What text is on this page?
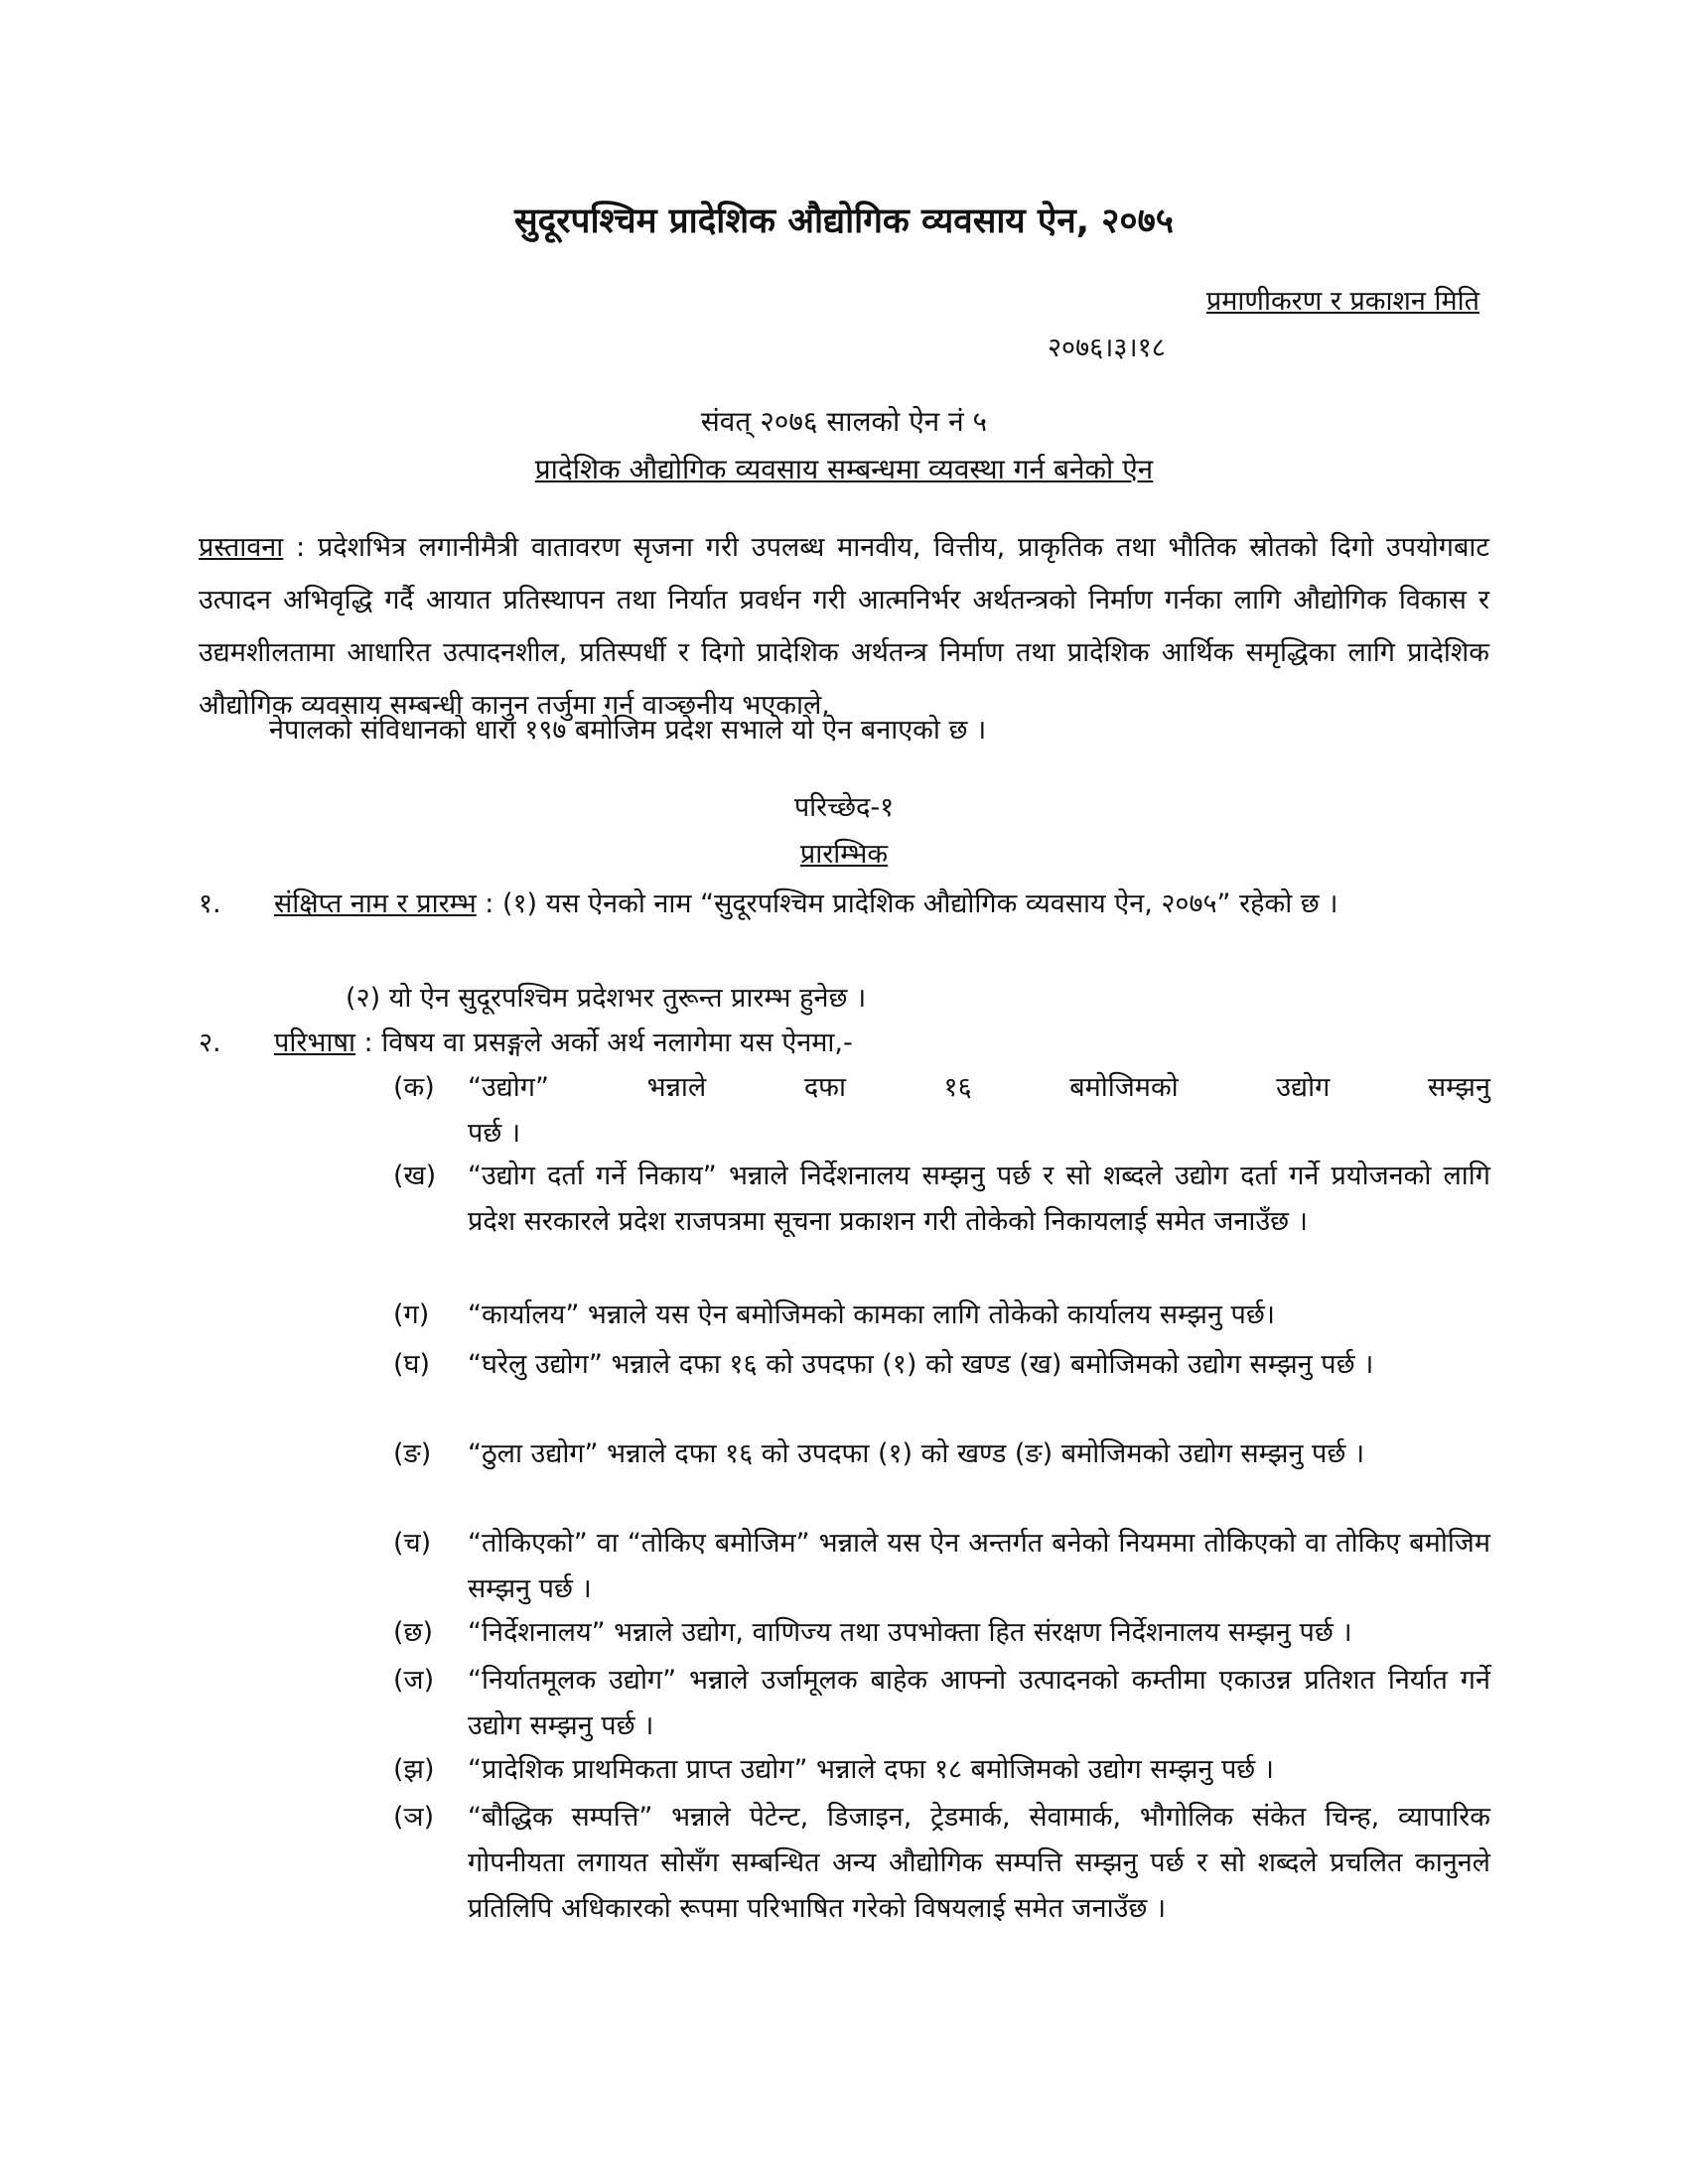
सुदूरपश्चिम प्रादेशिक औद्योगिक व्यवसाय ऐन, २०७५
प्रमाणीकरण र प्रकाशन मिति
२०७६।३।१८
संवत् २०७६ सालको ऐन नं ५
प्रादेशिक औद्योगिक व्यवसाय सम्बन्धमा व्यवस्था गर्न बनेको ऐन
प्रस्तावना : प्रदेशभित्र लगानीमैत्री वातावरण सृजना गरी उपलब्ध मानवीय, वित्तीय, प्राकृतिक तथा भौतिक स्रोतको दिगो उपयोगबाट उत्पादन अभिवृद्धि गर्दै आयात प्रतिस्थापन तथा निर्यात प्रवर्धन गरी आत्मनिर्भर अर्थतन्त्रको निर्माण गर्नका लागि औद्योगिक विकास र उद्यमशीलतामा आधारित उत्पादनशील, प्रतिस्पर्धी र दिगो प्रादेशिक अर्थतन्त्र निर्माण तथा प्रादेशिक आर्थिक समृद्धिका लागि प्रादेशिक औद्योगिक व्यवसाय सम्बन्धी कानुन तर्जुमा गर्न वाञ्छनीय भएकाले,
नेपालको संविधानको धारा १९७ बमोजिम प्रदेश सभाले यो ऐन बनाएको छ ।
परिच्छेद-१
प्रारम्भिक
१. संक्षिप्त नाम र प्रारम्भ : (१) यस ऐनको नाम “सुदूरपश्चिम प्रादेशिक औद्योगिक व्यवसाय ऐन, २०७५” रहेको छ ।
(२) यो ऐन सुदूरपश्चिम प्रदेशभर तुरून्त प्रारम्भ हुनेछ ।
२. परिभाषा : विषय वा प्रसङ्गले अर्को अर्थ नलागेमा यस ऐनमा,-
(क) “उद्योग”	भन्नाले	दफा	१६	बमोजिमको	उद्योग	सम्झनु
पर्छ ।
(ख) “उद्योग दर्ता गर्ने निकाय” भन्नाले निर्देशनालय सम्झनु पर्छ र सो शब्दले उद्योग दर्ता गर्ने प्रयोजनको लागि प्रदेश सरकारले प्रदेश राजपत्रमा सूचना प्रकाशन गरी तोकेको निकायलाई समेत जनाउँछ ।
(ग) “कार्यालय” भन्नाले यस ऐन बमोजिमको कामका लागि तोकेको कार्यालय सम्झनु पर्छ।
(घ) “घरेलु उद्योग” भन्नाले दफा १६ को उपदफा (१) को खण्ड (ख) बमोजिमको उद्योग सम्झनु पर्छ ।
(ङ) “ठुला उद्योग” भन्नाले दफा १६ को उपदफा (१) को खण्ड (ङ) बमोजिमको उद्योग सम्झनु पर्छ ।
(च) “तोकिएको” वा “तोकिए बमोजिम” भन्नाले यस ऐन अन्तर्गत बनेको नियममा तोकिएको वा तोकिए बमोजिम सम्झनु पर्छ ।
(छ) “निर्देशनालय” भन्नाले उद्योग, वाणिज्य तथा उपभोक्ता हित संरक्षण निर्देशनालय सम्झनु पर्छ ।
(ज) “निर्यातमूलक उद्योग” भन्नाले उर्जामूलक बाहेक आफ्नो उत्पादनको कम्तीमा एकाउन्न प्रतिशत निर्यात गर्ने उद्योग सम्झनु पर्छ ।
(झ) “प्रादेशिक प्राथमिकता प्राप्त उद्योग” भन्नाले दफा १८ बमोजिमको उद्योग सम्झनु पर्छ ।
(ञ) “बौद्धिक सम्पत्ति” भन्नाले पेटेन्ट, डिजाइन, ट्रेडमार्क, सेवामार्क, भौगोलिक संकेत चिन्ह, व्यापारिक गोपनीयता लगायत सोसँग सम्बन्धित अन्य औद्योगिक सम्पत्ति सम्झनु पर्छ र सो शब्दले प्रचलित कानुनले प्रतिलिपि अधिकारको रूपमा परिभाषित गरेको विषयलाई समेत जनाउँछ ।
